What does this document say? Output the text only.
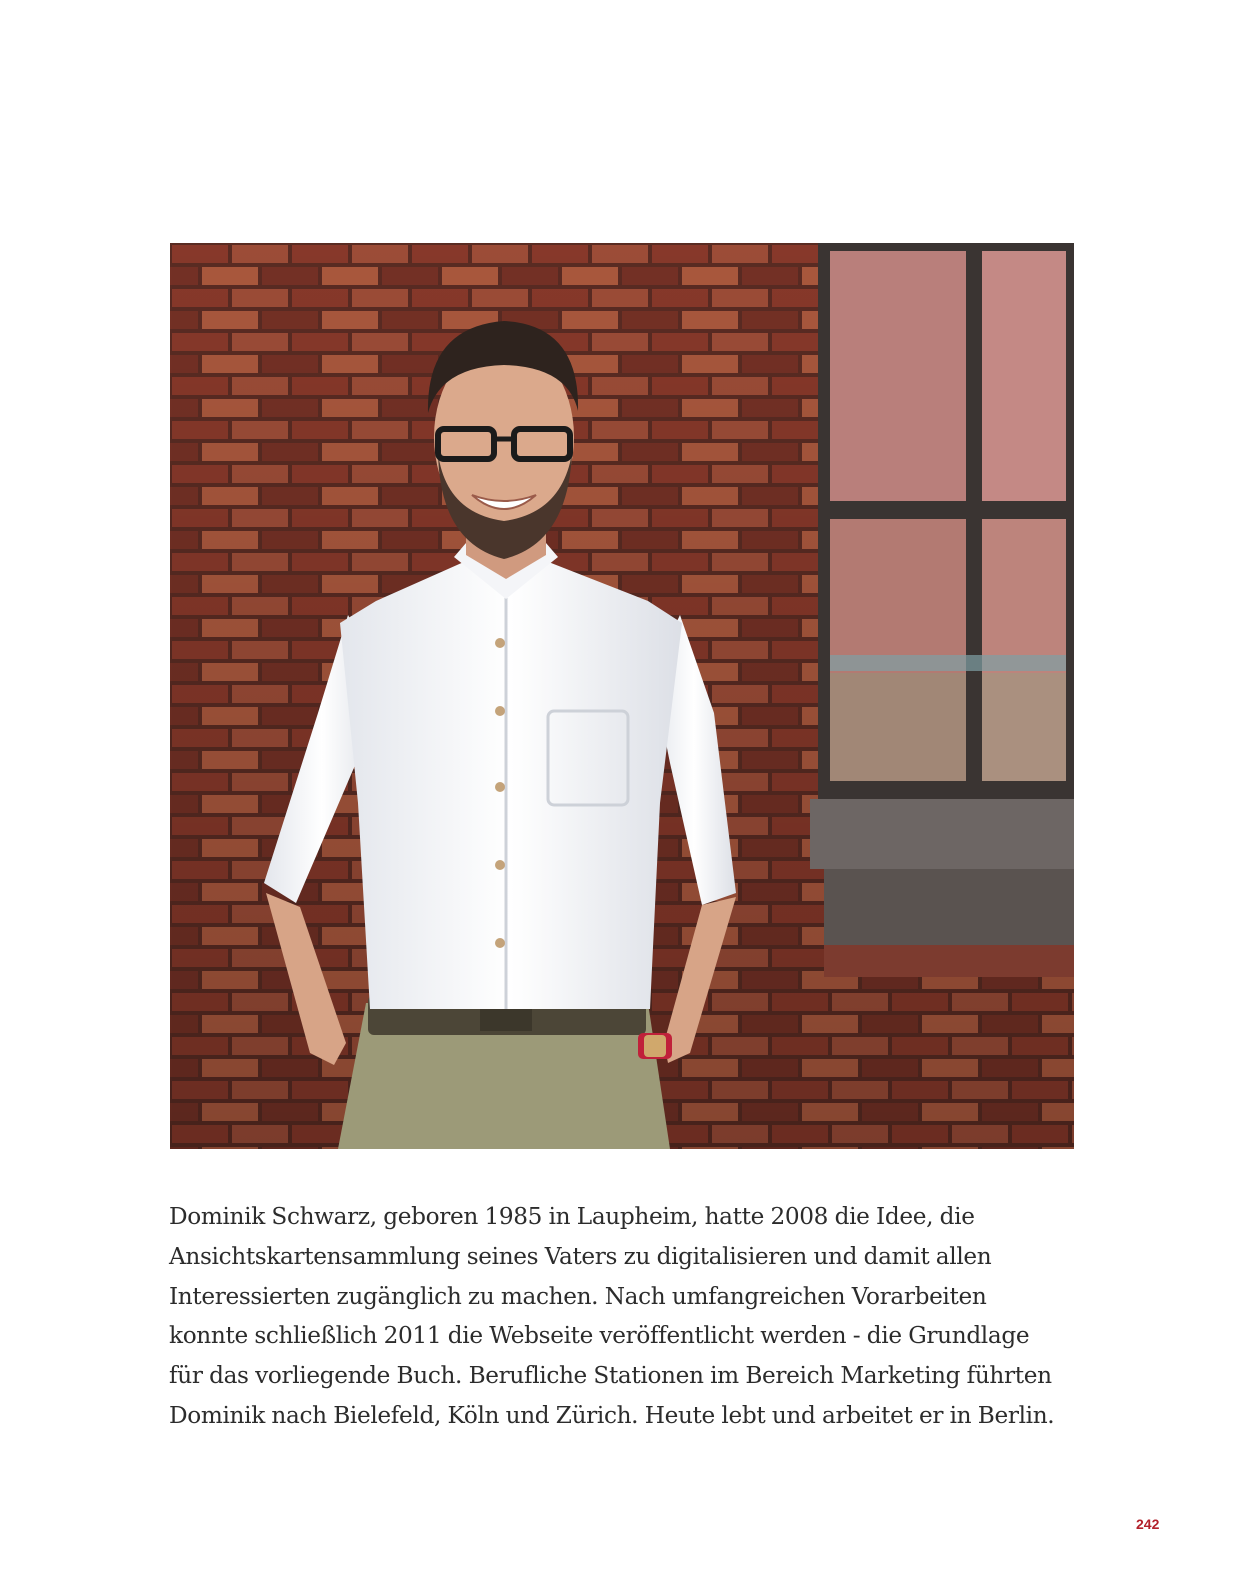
Dominik Schwarz, geboren 1985 in Laupheim, hatte 2008 die Idee, die
Ansichtskartensammlung seines Vaters zu digitalisieren und damit allen
Interessierten zugänglich zu machen. Nach umfangreichen Vorarbeiten
konnte schließlich 2011 die Webseite veröffentlicht werden - die Grundlage
für das vorliegende Buch. Berufliche Stationen im Bereich Marketing führten
Dominik nach Bielefeld, Köln und Zürich. Heute lebt und arbeitet er in Berlin.

242
